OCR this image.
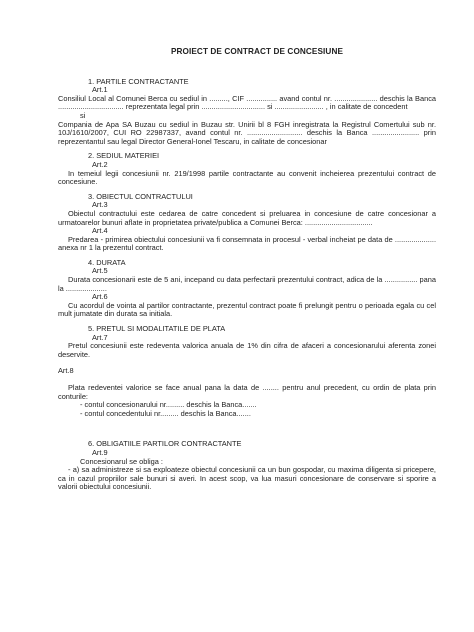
PROIECT DE CONTRACT DE CONCESIUNE
1. PARTILE CONTRACTANTE
Art.1

Consiliul Local al Comunei Berca cu sediul in ........., CIF ............... avand contul nr. ..................... deschis la Banca ................................ reprezentata legal prin ............................... si ........................ , in calitate de concedent

si

Compania de Apa SA Buzau cu sediul in Buzau str. Unirii bl 8 FGH inregistrata la Registrul Comertului sub nr. 10J/1610/2007, CUI RO 22987337, avand contul nr. ........................... deschis la Banca ....................... prin reprezentantul sau legal Director General-Ionel Tescaru, in calitate de concesionar

2. SEDIUL MATERIEI
Art.2

In temeiul legii concesiunii nr. 219/1998 partile contractante au convenit incheierea prezentului contract de concesiune.

3. OBIECTUL CONTRACTULUI
Art.3

Obiectul contractului este cedarea de catre concedent si preluarea in concesiune de catre concesionar a urmatoarelor bunuri aflate in proprietatea private/publica a Comunei Berca: .................................

Art.4

Predarea - primirea obiectului concesiunii va fi consemnata in procesul - verbal incheiat pe data de .................... anexa nr 1 la prezentul contract.

4. DURATA
Art.5

Durata concesionarii este de 5 ani, incepand cu data perfectarii prezentului contract, adica de la ................ pana la ....................

Art.6

Cu acordul de vointa al partilor contractante, prezentul contract poate fi prelungit pentru o perioada egala cu cel mult jumatate din durata sa initiala.

5. PRETUL SI MODALITATILE DE PLATA
Art.7

Pretul concesiunii este redeventa valorica anuala de 1% din cifra de afaceri a concesionarului aferenta zonei deservite.

Art.8

Plata redeventei valorice se face anual pana la data de ........ pentru anul precedent, cu ordin de plata prin conturile:

- contul concesionarului nr......... deschis la Banca.......
- contul concedentului nr......... deschis la Banca.......
6. OBLIGATIILE PARTILOR CONTRACTANTE
Art.9
Concesionarul se obliga :

- a) sa administreze si sa exploateze obiectul concesiunii ca un bun gospodar, cu maxima diligenta si pricepere, ca in cazul propriilor sale bunuri si averi. In acest scop, va lua masuri concesionare de conservare si sporire a valorii obiectului concesiunii.
